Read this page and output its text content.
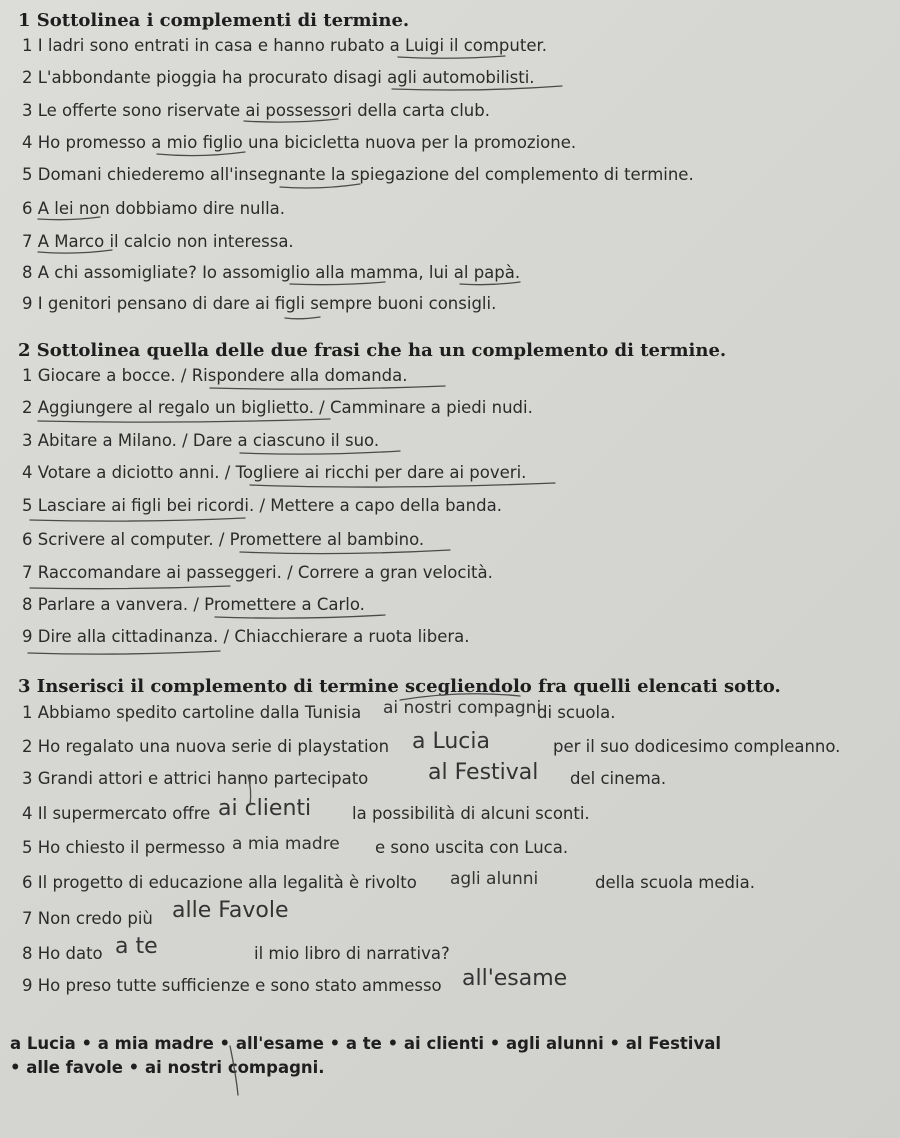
1 Sottolinea i complementi di termine.
1 I ladri sono entrati in casa e hanno rubato a Luigi il computer.
2 L'abbondante pioggia ha procurato disagi agli automobilisti.
3 Le offerte sono riservate ai possessori della carta club.
4 Ho promesso a mio figlio una bicicletta nuova per la promozione.
5 Domani chiederemo all'insegnante la spiegazione del complemento di termine.
6 A lei non dobbiamo dire nulla.
7 A Marco il calcio non interessa.
8 A chi assomigliate? Io assomiglio alla mamma, lui al papà.
9 I genitori pensano di dare ai figli sempre buoni consigli.
2 Sottolinea quella delle due frasi che ha un complemento di termine.
1 Giocare a bocce. / Rispondere alla domanda.
2 Aggiungere al regalo un biglietto. / Camminare a piedi nudi.
3 Abitare a Milano. / Dare a ciascuno il suo.
4 Votare a diciotto anni. / Togliere ai ricchi per dare ai poveri.
5 Lasciare ai figli bei ricordi. / Mettere a capo della banda.
6 Scrivere al computer. / Promettere al bambino.
7 Raccomandare ai passeggeri. / Correre a gran velocità.
8 Parlare a vanvera. / Promettere a Carlo.
9 Dire alla cittadinanza. / Chiacchierare a ruota libera.
3 Inserisci il complemento di termine scegliendolo fra quelli elencati sotto.
1 Abbiamo spedito cartoline dalla Tunisia ai nostri compagni
di scuola.
2 Ho regalato una nuova serie di playstation a Lucia	per il suo dodicesimo compleanno.
3 Grandi attori e attrici hanno partecipato	al Festival del cinema.
4 Il supermercato offre ai clienti la possibilità di alcuni sconti.
5 Ho chiesto il permesso a mia madre e sono uscita con Luca.
6 Il progetto di educazione alla legalità è rivolto agli alunni	della scuola media.
7 Non credo più alle Favole
8 Ho dato a te	il mio libro di narrativa?
9 Ho preso tutte sufficienze e sono stato ammesso all'esame
a Lucia • a mia madre • all'esame • a te • ai clienti • agli alunni • al Festival
• alle favole • ai nostri compagni.
